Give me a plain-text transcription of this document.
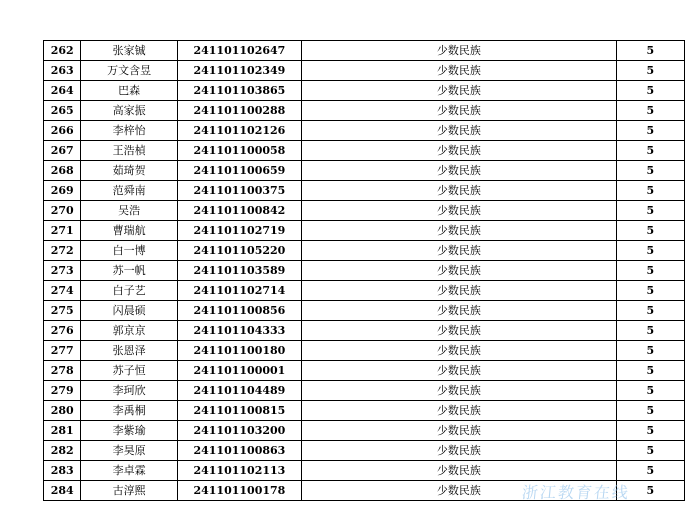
262	张家铖	241101102647	少数民族	5
263	万文含昱	241101102349	少数民族	5
264	巴森	241101103865	少数民族	5
265	高家振	241101100288	少数民族	5
266	李梓怡	241101102126	少数民族	5
267	王浩楨	241101100058	少数民族	5
268	茹琦贺	241101100659	少数民族	5
269	范舜南	241101100375	少数民族	5
270	吴浩	241101100842	少数民族	5
271	曹瑞航	241101102719	少数民族	5
272	白一博	241101105220	少数民族	5
273	苏一帆	241101103589	少数民族	5
274	白子艺	241101102714	少数民族	5
275	闪晨硕	241101100856	少数民族	5
276	郭京京	241101104333	少数民族	5
277	张恩泽	241101100180	少数民族	5
278	苏子恒	241101100001	少数民族	5
279	李珂欣	241101104489	少数民族	5
280	李禹桐	241101100815	少数民族	5
281	李紫瑜	241101103200	少数民族	5
282	李昊原	241101100863	少数民族	5
283	李卓霖	241101102113	少数民族	5
284	古淳熙	241101100178	少数民族	5
浙江教育在线
